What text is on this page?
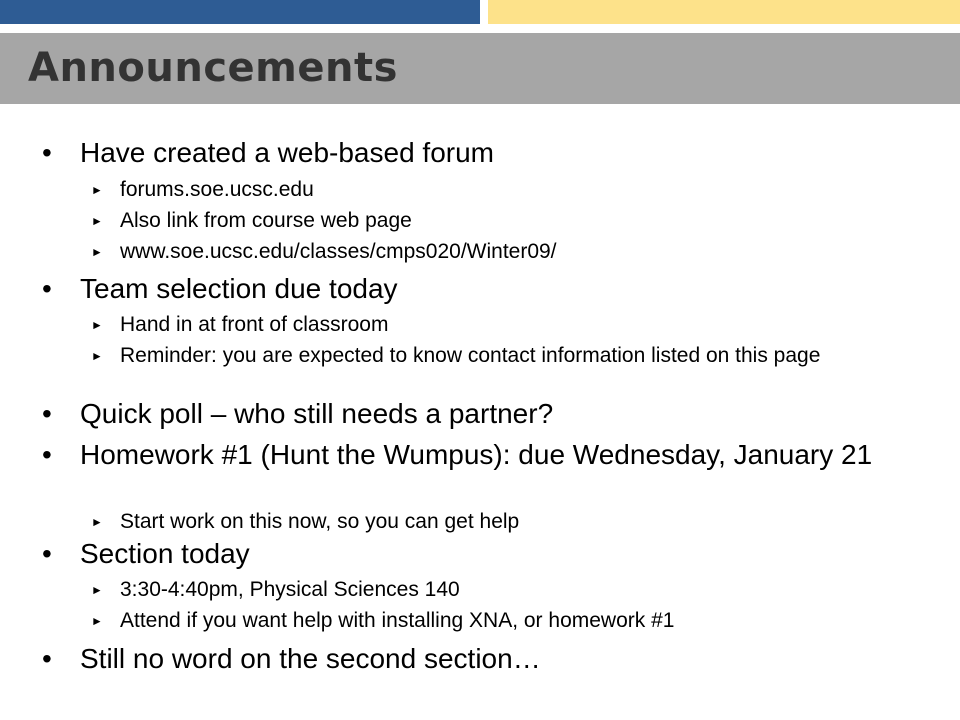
Announcements
• Have created a web-based forum
► forums.soe.ucsc.edu
► Also link from course web page
► www.soe.ucsc.edu/classes/cmps020/Winter09/
• Team selection due today
► Hand in at front of classroom
► Reminder: you are expected to know contact information listed on this page
• Quick poll – who still needs a partner?
• Homework #1 (Hunt the Wumpus): due Wednesday, January 21
► Start work on this now, so you can get help
• Section today
► 3:30-4:40pm, Physical Sciences 140
► Attend if you want help with installing XNA, or homework #1
• Still no word on the second section…
